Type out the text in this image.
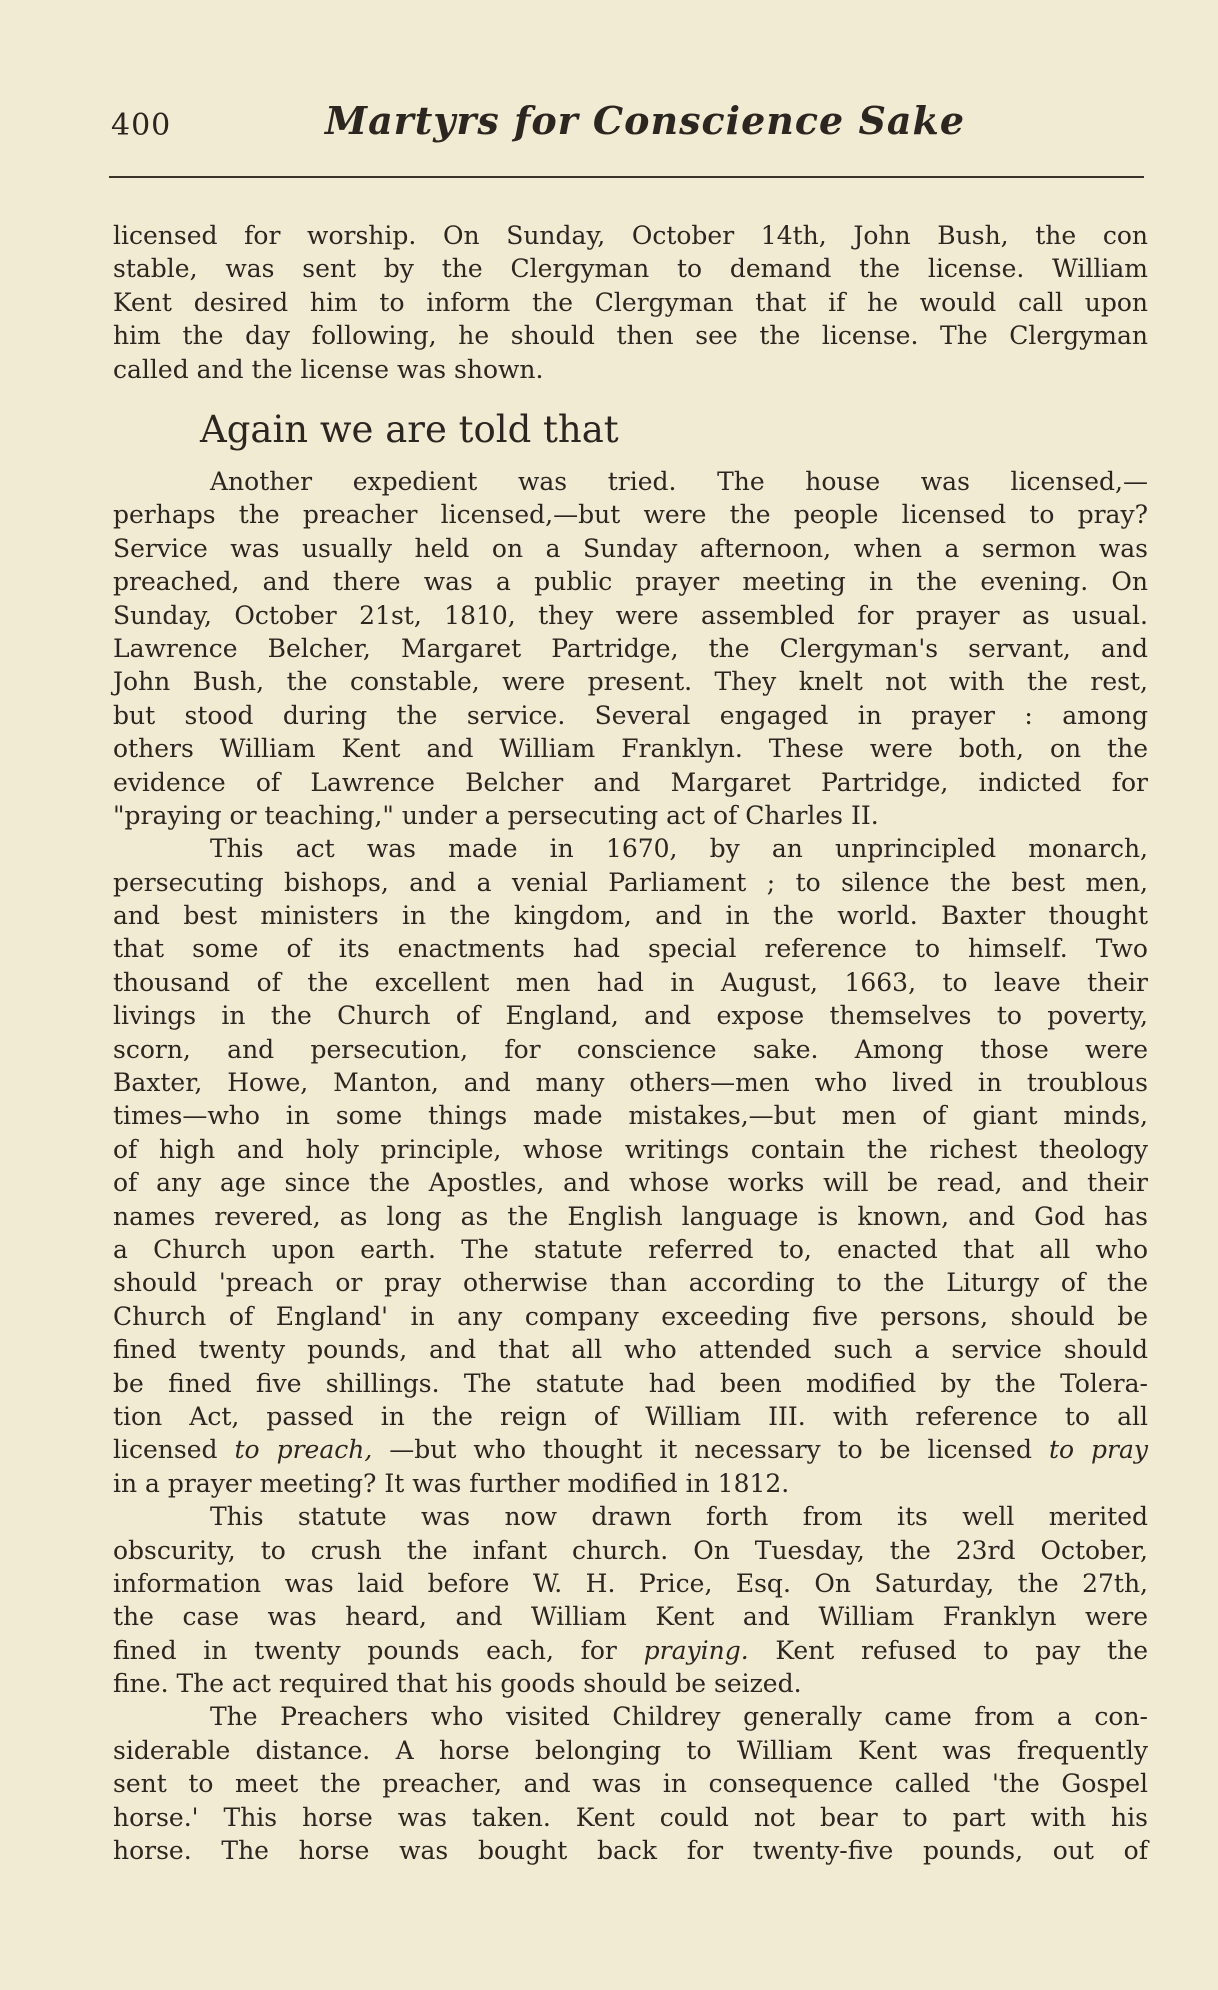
400	Martyrs for Conscience Sake
licensed for worship. On Sunday, October 14th, John Bush, the con
stable, was sent by the Clergyman to demand the license. William
Kent desired him to inform the Clergyman that if he would call upon
him the day following, he should then see the license. The Clergyman
called and the license was shown.
Again we are told that
Another expedient was tried. The house was licensed,—
perhaps the preacher licensed,—but were the people licensed to pray?
Service was usually held on a Sunday afternoon, when a sermon was
preached, and there was a public prayer meeting in the evening. On
Sunday, October 21st, 1810, they were assembled for prayer as usual.
Lawrence Belcher, Margaret Partridge, the Clergyman's servant, and
John Bush, the constable, were present. They knelt not with the rest,
but stood during the service. Several engaged in prayer : among
others William Kent and William Franklyn. These were both, on the
evidence of Lawrence Belcher and Margaret Partridge, indicted for
"praying or teaching," under a persecuting act of Charles II.
This act was made in 1670, by an unprincipled monarch,
persecuting bishops, and a venial Parliament ; to silence the best men,
and best ministers in the kingdom, and in the world. Baxter thought
that some of its enactments had special reference to himself. Two
thousand of the excellent men had in August, 1663, to leave their
livings in the Church of England, and expose themselves to poverty,
scorn, and persecution, for conscience sake. Among those were
Baxter, Howe, Manton, and many others—men who lived in troublous
times—who in some things made mistakes,—but men of giant minds,
of high and holy principle, whose writings contain the richest theology
of any age since the Apostles, and whose works will be read, and their
names revered, as long as the English language is known, and God has
a Church upon earth. The statute referred to, enacted that all who
should 'preach or pray otherwise than according to the Liturgy of the
Church of England' in any company exceeding five persons, should be
fined twenty pounds, and that all who attended such a service should
be fined five shillings. The statute had been modified by the Tolera-
tion Act, passed in the reign of William III. with reference to all
licensed to preach, —but who thought it necessary to be licensed to pray
in a prayer meeting? It was further modified in 1812.
This statute was now drawn forth from its well merited
obscurity, to crush the infant church. On Tuesday, the 23rd October,
information was laid before W. H. Price, Esq. On Saturday, the 27th,
the case was heard, and William Kent and William Franklyn were
fined in twenty pounds each, for praying. Kent refused to pay the
fine. The act required that his goods should be seized.
The Preachers who visited Childrey generally came from a con-
siderable distance. A horse belonging to William Kent was frequently
sent to meet the preacher, and was in consequence called 'the Gospel
horse.' This horse was taken. Kent could not bear to part with his
horse. The horse was bought back for twenty-five pounds, out of
